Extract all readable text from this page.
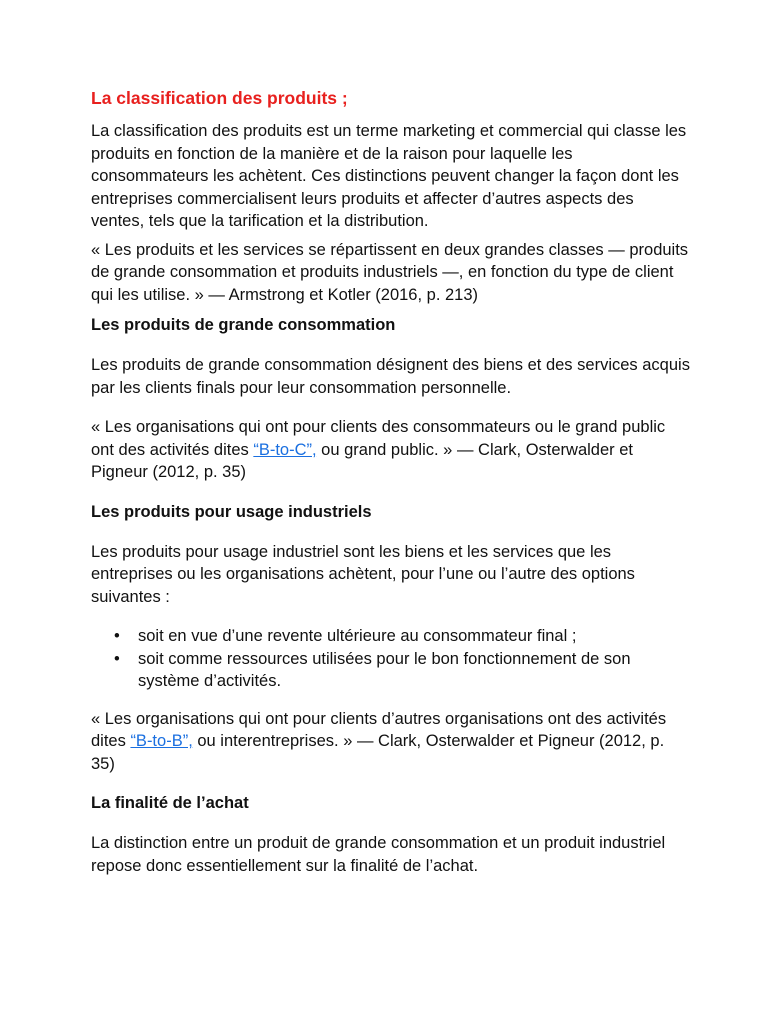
La classification des produits ;

La classification des produits est un terme marketing et commercial qui classe les produits en fonction de la manière et de la raison pour laquelle les consommateurs les achètent. Ces distinctions peuvent changer la façon dont les entreprises commercialisent leurs produits et affecter d’autres aspects des ventes, tels que la tarification et la distribution.

« Les produits et les services se répartissent en deux grandes classes — produits de grande consommation et produits industriels —, en fonction du type de client qui les utilise. » — Armstrong et Kotler (2016, p. 213)

Les produits de grande consommation

Les produits de grande consommation désignent des biens et des services acquis par les clients finals pour leur consommation personnelle.

« Les organisations qui ont pour clients des consommateurs ou le grand public ont des activités dites “B-to-C”, ou grand public. » — Clark, Osterwalder et Pigneur (2012, p. 35)

Les produits pour usage industriels

Les produits pour usage industriel sont les biens et les services que les entreprises ou les organisations achètent, pour l’une ou l’autre des options suivantes :

• soit en vue d’une revente ultérieure au consommateur final ;
• soit comme ressources utilisées pour le bon fonctionnement de son système d’activités.

« Les organisations qui ont pour clients d’autres organisations ont des activités dites “B-to-B”, ou interentreprises. » — Clark, Osterwalder et Pigneur (2012, p. 35)

La finalité de l’achat

La distinction entre un produit de grande consommation et un produit industriel repose donc essentiellement sur la finalité de l’achat.
